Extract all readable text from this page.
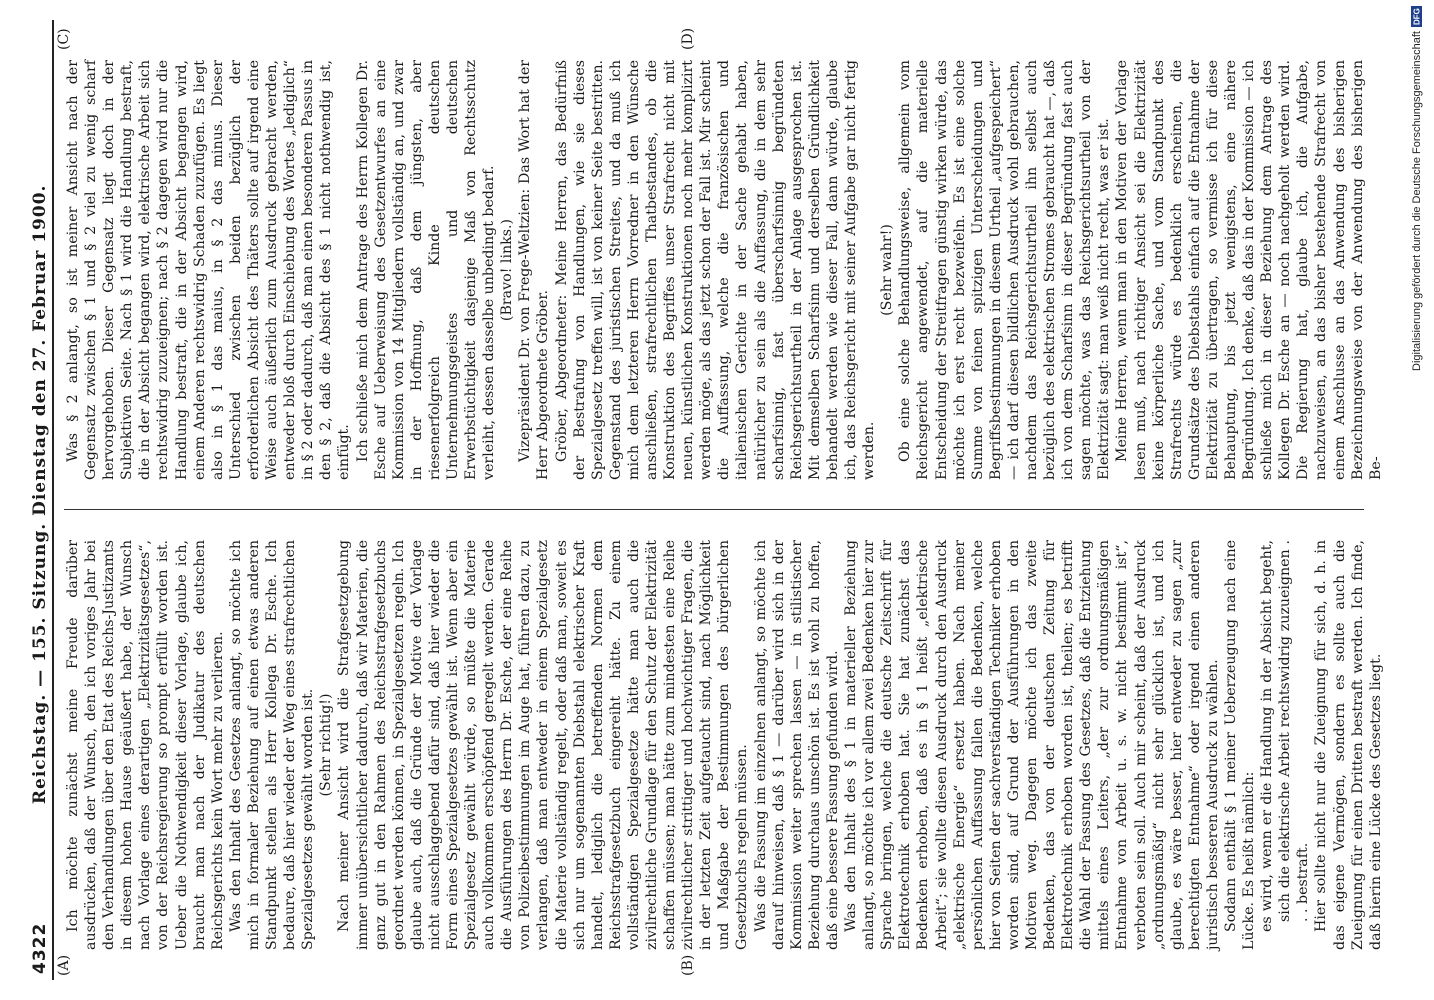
4322
Reichstag. — 155. Sitzung. Dienstag den 27. Februar 1900.
(A)	(B)
(C)	(D)

Ich möchte zunächst meine Freude darüber ausdrücken, daß der Wunsch, den ich voriges Jahr bei den Verhandlungen über den Etat des Reichs-Justizamts in diesem hohen Hause geäußert habe, der Wunsch nach Vorlage eines derartigen „Elektrizitätsgesetzes“, von der Reichsregierung so prompt erfüllt worden ist. Ueber die Nothwendigkeit dieser Vorlage, glaube ich, braucht man nach der Judikatur des deutschen Reichsgerichts kein Wort mehr zu verlieren. Was den Inhalt des Gesetzes anlangt, so möchte ich mich in formaler Beziehung auf einen etwas anderen Standpunkt stellen als Herr Kollega Dr. Esche. Ich bedaure, daß hier wieder der Weg eines strafrechtlichen Spezialgesetzes gewählt worden ist. (Sehr richtig!) Nach meiner Ansicht wird die Strafgesetzgebung immer unübersichtlicher dadurch, daß wir Materien, die ganz gut in den Rahmen des Reichsstrafgesetzbuchs geordnet werden können, in Spezialgesetzen regeln. Ich glaube auch, daß die Gründe der Motive der Vorlage nicht ausschlaggebend dafür sind, daß hier wieder die Form eines Spezialgesetzes gewählt ist. Wenn aber ein Spezialgesetz gewählt würde, so müßte die Materie auch vollkommen erschöpfend geregelt werden. Gerade die Ausführungen des Herrn Dr. Esche, der eine Reihe von Polizeibestimmungen im Auge hat, führen dazu, zu verlangen, daß man entweder in einem Spezialgesetz die Materie vollständig regelt, oder daß man, soweit es sich nur um sogenannten Diebstahl elektrischer Kraft handelt, lediglich die betreffenden Normen dem Reichsstrafgesetzbuch eingereiht hätte. Zu einem vollständigen Spezialgesetze hätte man auch die zivilrechtliche Grundlage für den Schutz der Elektrizität schaffen müssen; man hätte zum mindesten eine Reihe zivilrechtlicher strittiger und hochwichtiger Fragen, die in der letzten Zeit aufgetaucht sind, nach Möglichkeit und Maßgabe der Bestimmungen des bürgerlichen Gesetzbuchs regeln müssen. Was die Fassung im einzelnen anlangt, so möchte ich darauf hinweisen, daß § 1 — darüber wird sich in der Kommission weiter sprechen lassen — in stilistischer Beziehung durchaus unschön ist. Es ist wohl zu hoffen, daß eine bessere Fassung gefunden wird. Was den Inhalt des § 1 in materieller Beziehung anlangt, so möchte ich vor allem zwei Bedenken hier zur Sprache bringen, welche die deutsche Zeitschrift für Elektrotechnik erhoben hat. Sie hat zunächst das Bedenken erhoben, daß es in § 1 heißt „elektrische Arbeit“; sie wollte diesen Ausdruck durch den Ausdruck „elektrische Energie“ ersetzt haben. Nach meiner persönlichen Auffassung fallen die Bedenken, welche hier von Seiten der sachverständigen Techniker erhoben worden sind, auf Grund der Ausführungen in den Motiven weg. Dagegen möchte ich das zweite Bedenken, das von der deutschen Zeitung für Elektrotechnik erhoben worden ist, theilen; es betrifft die Wahl der Fassung des Gesetzes, daß die Entziehung mittels eines Leiters, „der zur ordnungsmäßigen Entnahme von Arbeit u. s. w. nicht bestimmt ist“, verboten sein soll. Auch mir scheint, daß der Ausdruck „ordnungsmäßig“ nicht sehr glücklich ist, und ich glaube, es wäre besser, hier entweder zu sagen „zur berechtigten Entnahme“ oder irgend einen anderen juristisch besseren Ausdruck zu wählen. Sodann enthält § 1 meiner Ueberzeugung nach eine Lücke. Es heißt nämlich: es wird, wenn er die Handlung in der Absicht begeht, sich die elektrische Arbeit rechtswidrig zuzueignen . . . bestraft. Hier sollte nicht nur die Zueignung für sich, d. h. in das eigene Vermögen, sondern es sollte auch die Zueignung für einen Dritten bestraft werden. Ich finde, daß hierin eine Lücke des Gesetzes liegt.

Was § 2 anlangt, so ist meiner Ansicht nach der Gegensatz zwischen § 1 und § 2 viel zu wenig scharf hervorgehoben. Dieser Gegensatz liegt doch in der Subjektiven Seite. Nach § 1 wird die Handlung bestraft, die in der Absicht begangen wird, elektrische Arbeit sich rechtswidrig zuzueignen; nach § 2 dagegen wird nur die Handlung bestraft, die in der Absicht begangen wird, einem Anderen rechtswidrig Schaden zuzufügen. Es liegt also in § 1 das maius, in § 2 das minus. Dieser Unterschied zwischen beiden bezüglich der erforderlichen Absicht des Thäters sollte auf irgend eine Weise auch äußerlich zum Ausdruck gebracht werden, entweder bloß durch Einschiebung des Wortes „lediglich“ in § 2 oder dadurch, daß man einen besonderen Passus in den § 2, daß die Absicht des § 1 nicht nothwendig ist, einfügt. Ich schließe mich dem Antrage des Herrn Kollegen Dr. Esche auf Ueberweisung des Gesetzentwurfes an eine Kommission von 14 Mitgliedern vollständig an, und zwar in der Hoffnung, daß dem jüngsten, aber riesenerfolgreich Kinde deutschen Unternehmungsgeistes und deutschen Erwerbstüchtigkeit dasjenige Maß von Rechtsschutz verleiht, dessen dasselbe unbedingt bedarf. (Bravo! links.) Vizepräsident Dr. von Frege-Weltzien: Das Wort hat der Herr Abgeordnete Gröber. Gröber, Abgeordneter: Meine Herren, das Bedürfniß der Bestrafung von Handlungen, wie sie dieses Spezialgesetz treffen will, ist von keiner Seite bestritten. Gegenstand des juristischen Streites, und da muß ich mich dem letzteren Herrn Vorredner in den Wünsche anschließen, strafrechtlichen Thatbestandes, ob die Konstruktion des Begriffes unser Strafrecht nicht mit neuen, künstlichen Konstruktionen noch mehr komplizirt werden möge, als das jetzt schon der Fall ist. Mir scheint die Auffassung, welche die französischen und italienischen Gerichte in der Sache gehabt haben, natürlicher zu sein als die Auffassung, die in dem sehr scharfsinnig, fast überscharfsinnig begründeten Reichsgerichtsurtheil in der Anlage ausgesprochen ist. Mit demselben Scharfsinn und derselben Gründlichkeit behandelt werden wie dieser Fall, dann würde, glaube ich, das Reichsgericht mit seiner Aufgabe gar nicht fertig werden.

(Sehr wahr!) Ob eine solche Behandlungsweise, allgemein vom Reichsgericht angewendet, auf die materielle Entscheidung der Streitfragen günstig wirken würde, das möchte ich erst recht bezweifeln. Es ist eine solche Summe von feinen spitzigen Unterscheidungen und Begriffsbestimmungen in diesem Urtheil „aufgespeichert“ — ich darf diesen bildlichen Ausdruck wohl gebrauchen, nachdem das Reichsgerichtsurtheil ihn selbst auch bezüglich des elektrischen Stromes gebraucht hat —, daß ich von dem Scharfsinn in dieser Begründung fast auch sagen möchte, was das Reichsgerichtsurtheil von der Elektrizität sagt: man weiß nicht recht, was er ist. Meine Herren, wenn man in den Motiven der Vorlage lesen muß, nach richtiger Ansicht sei die Elektrizität keine körperliche Sache, und vom Standpunkt des Strafrechts würde es bedenklich erscheinen, die Grundsätze des Diebstahls einfach auf die Entnahme der Elektrizität zu übertragen, so vermisse ich für diese Behauptung, bis jetzt wenigstens, eine nähere Begründung. Ich denke, daß das in der Kommission — ich schließe mich in dieser Beziehung dem Antrage des Kollegen Dr. Esche an — noch nachgeholt werden wird. Die Regierung hat, glaube ich, die Aufgabe, nachzuweisen, an das bisher bestehende Strafrecht von einem Anschlusse an das Anwendung des bisherigen Bezeichnungsweise von der Anwendung des bisherigen Be-

Digitalisierung gefördert durch die Deutsche Forschungsgemeinschaft
DFG
